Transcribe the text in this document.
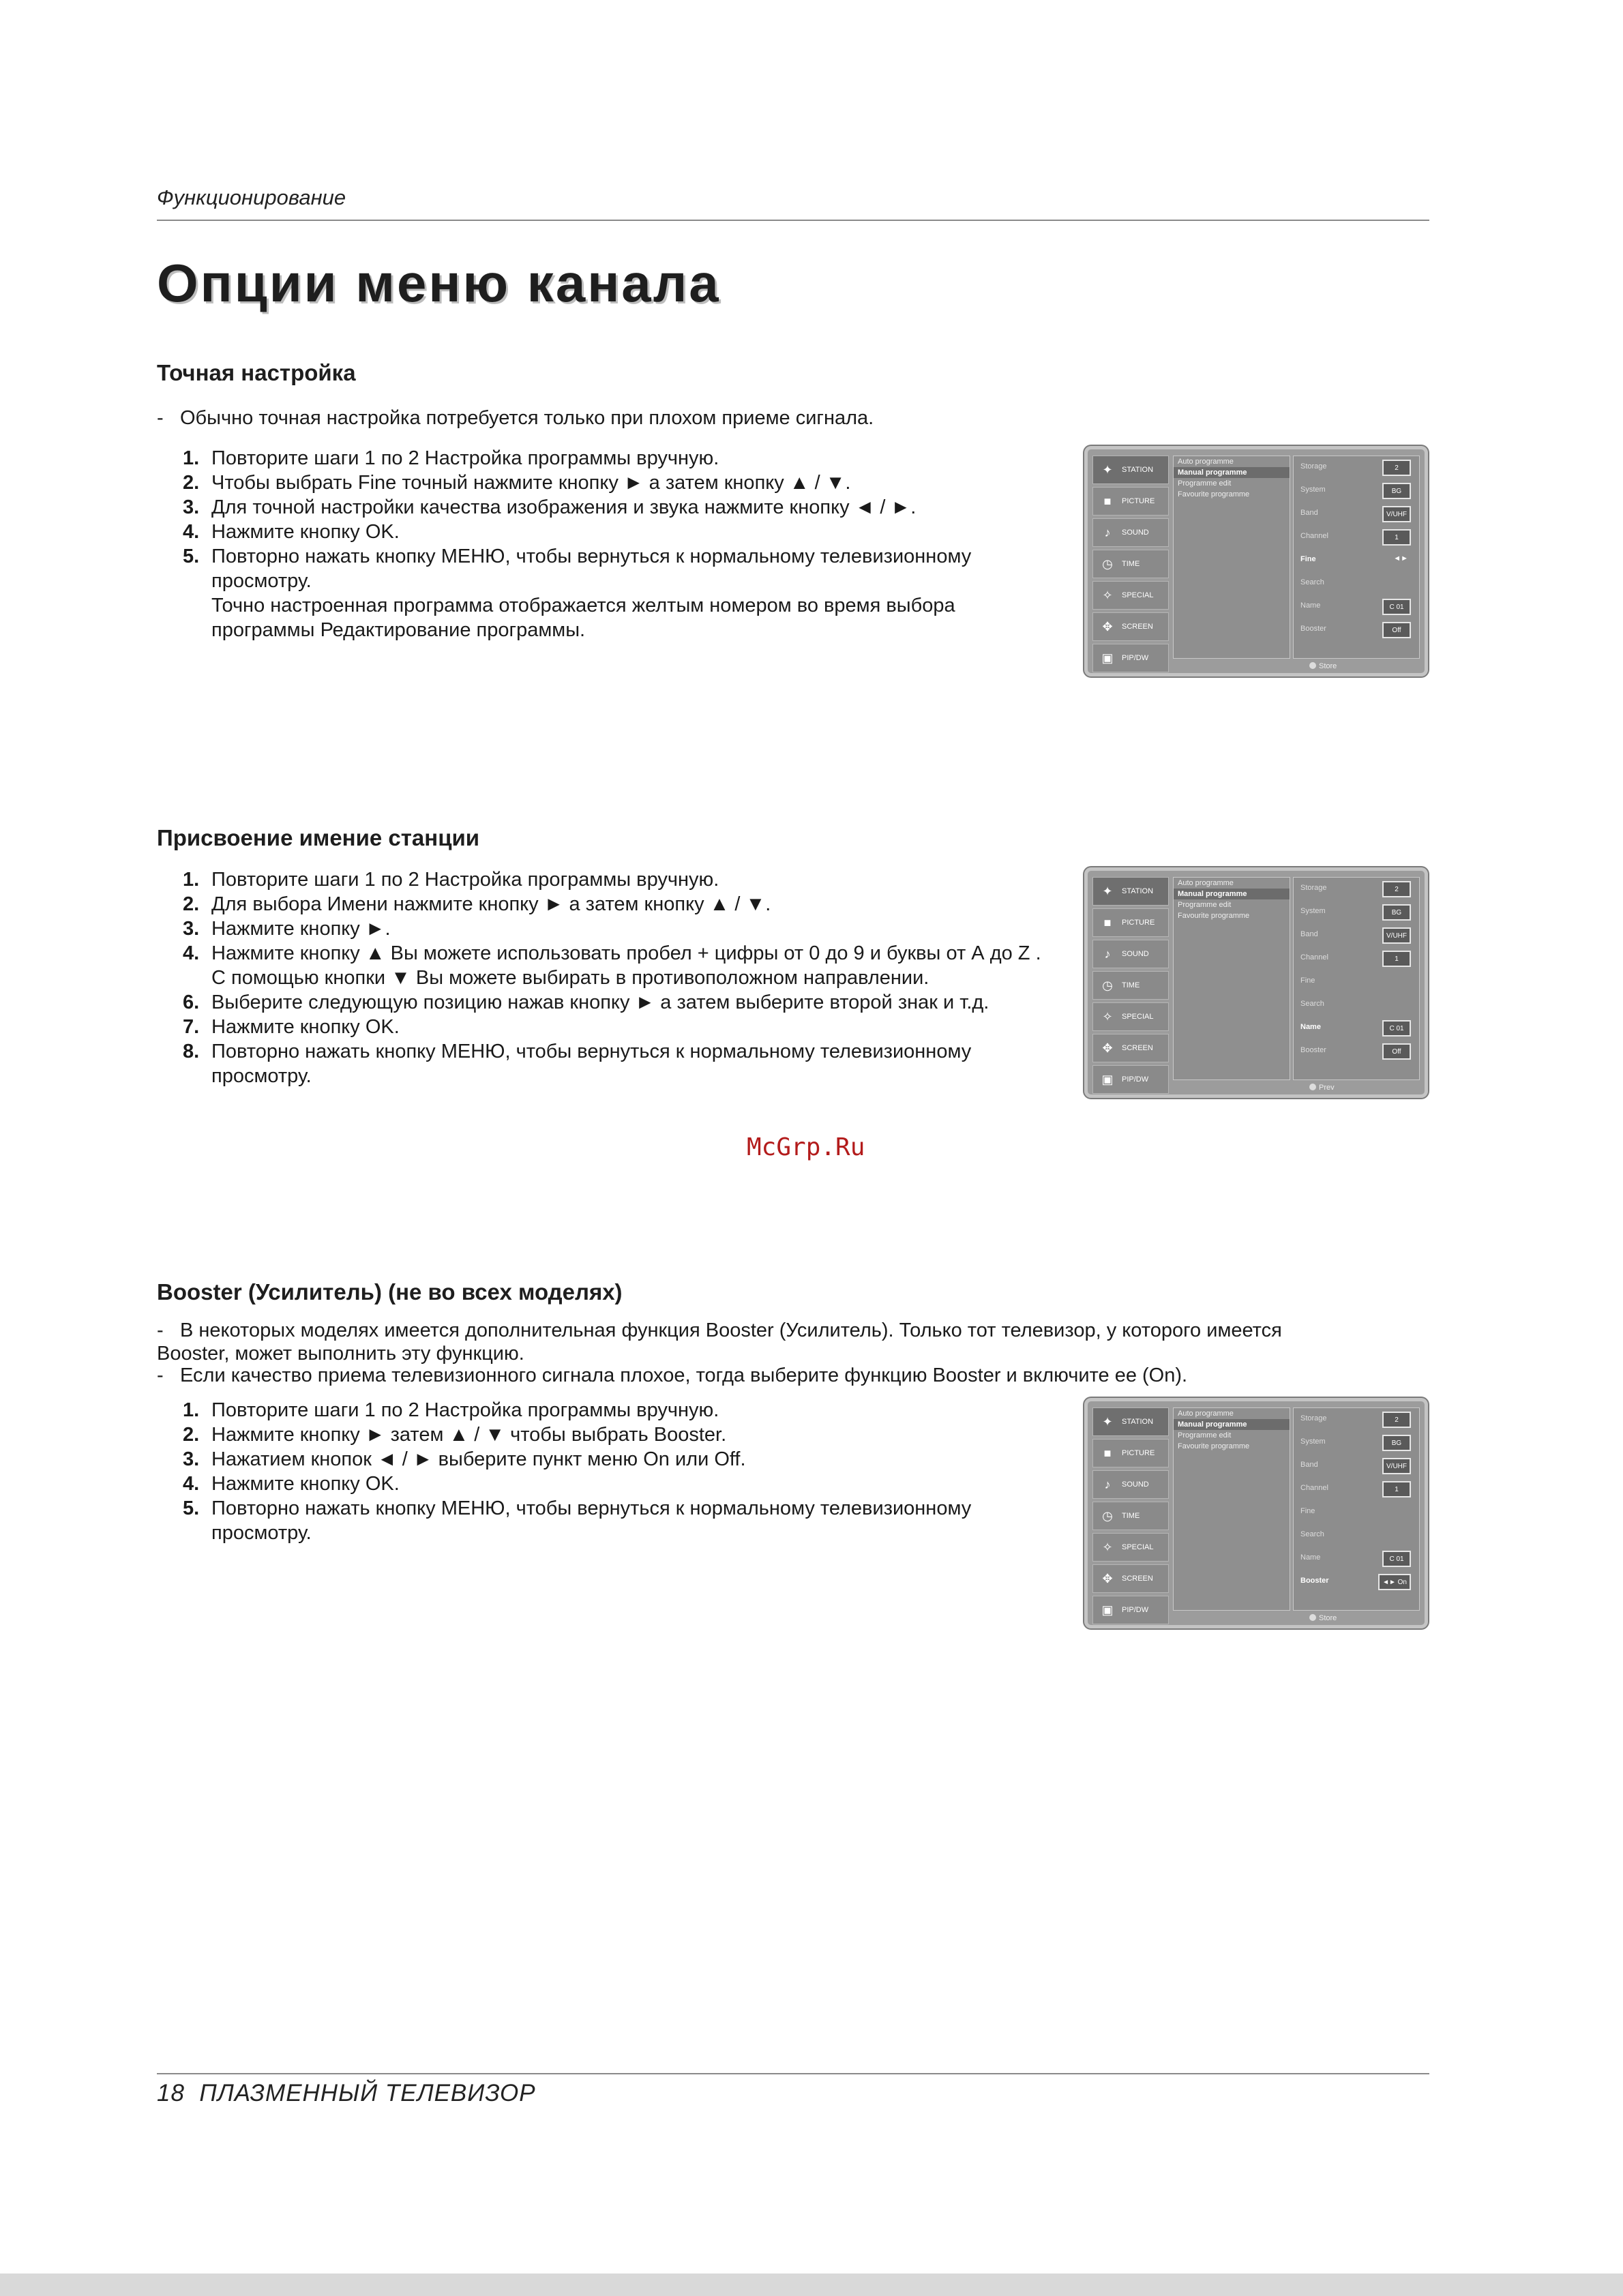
Функционирование
Опции меню канала
Точная настройка

- Обычно точная настройка потребуется только при плохом приеме сигнала.

1. Повторите шаги 1 по 2 Настройка программы вручную.
2. Чтобы выбрать Fine точный нажмите кнопку ► а затем кнопку ▲ / ▼.
3. Для точной настройки качества изображения и звука нажмите кнопку ◄ / ►.
4. Нажмите кнопку OK.
5. Повторно нажать кнопку МЕНЮ, чтобы вернуться к нормальному телевизионному просмотру.
Точно настроенная программа отображается желтым номером во время выбора программы Редактирование программы.
✦	STATION
■	PICTURE
♪	SOUND
◷	TIME
✧	SPECIAL
✥	SCREEN
▣	PIP/DW
Auto programme
Manual programme
Programme edit
Favourite programme
Storage	2
System	BG
Band	V/UHF
Channel	1
Fine	◄►
Search
Name	C 01
Booster	Off
Store
Присвоение имение станции
1. Повторите шаги 1 по 2 Настройка программы вручную.
2. Для выбора Имени нажмите кнопку ► а затем кнопку ▲ / ▼.
3. Нажмите кнопку ►.
4. Нажмите кнопку ▲ Вы можете использовать пробел + цифры от 0 до 9 и буквы от А до Z .
С помощью кнопки ▼ Вы можете выбирать в противоположном направлении.
6. Выберите следующую позицию нажав кнопку ► а затем выберите второй знак и т.д.
7. Нажмите кнопку OK.
8. Повторно нажать кнопку МЕНЮ, чтобы вернуться к нормальному телевизионному просмотру.
✦	STATION
■	PICTURE
♪	SOUND
◷	TIME
✧	SPECIAL
✥	SCREEN
▣	PIP/DW
Auto programme
Manual programme
Programme edit
Favourite programme
Storage	2
System	BG
Band	V/UHF
Channel	1
Fine
Search
Name	C 01
Booster	Off
Prev
McGrp.Ru
Booster (Усилитель) (не во всех моделях)

- В некоторых моделях имеется дополнительная функция Booster (Усилитель). Только тот телевизор, у которого имеется Booster, может выполнить эту функцию.

- Если качество приема телевизионного сигнала плохое, тогда выберите функцию Booster и включите ее (On).

1. Повторите шаги 1 по 2 Настройка программы вручную.
2. Нажмите кнопку ► затем ▲ / ▼ чтобы выбрать Booster.
3. Нажатием кнопок ◄ / ► выберите пункт меню On или Off.
4. Нажмите кнопку OK.
5. Повторно нажать кнопку МЕНЮ, чтобы вернуться к нормальному телевизионному просмотру.
✦	STATION
■	PICTURE
♪	SOUND
◷	TIME
✧	SPECIAL
✥	SCREEN
▣	PIP/DW
Auto programme
Manual programme
Programme edit
Favourite programme
Storage	2
System	BG
Band	V/UHF
Channel	1
Fine
Search
Name	C 01
Booster	◄► On
Store
18 ПЛАЗМЕННЫЙ ТЕЛЕВИЗОР
